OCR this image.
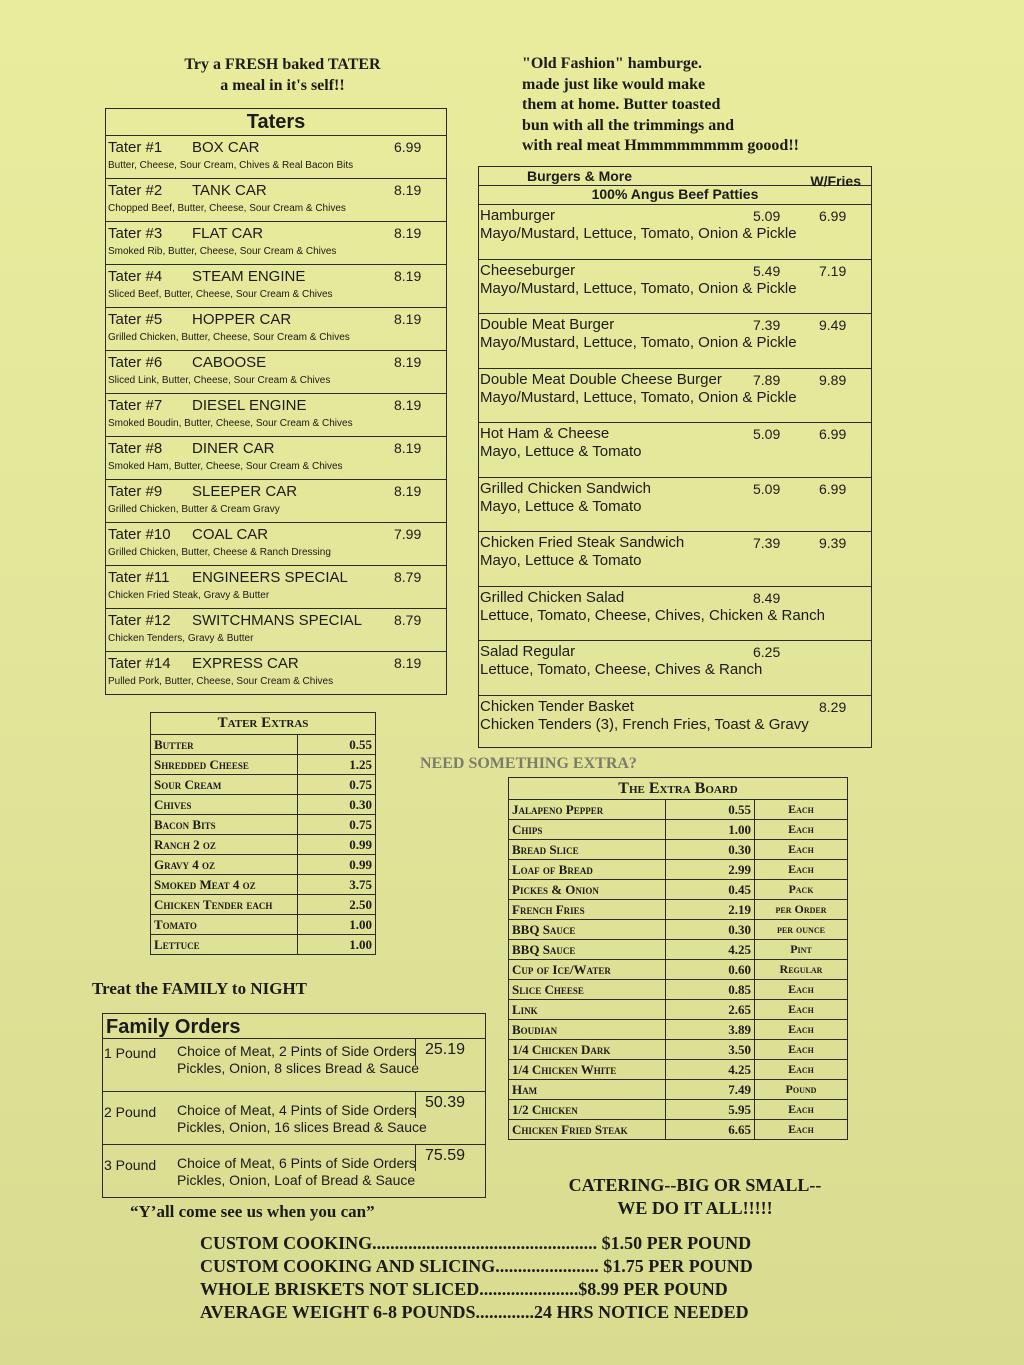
Try a FRESH baked TATER
a meal in it's self!!
"Old Fashion" hamburge.
made just like would make
them at home. Butter toasted
bun with all the trimmings and
with real meat Hmmmmmmmm goood!!
Taters
Tater #1 BOX CAR	6.99
Butter, Cheese, Sour Cream, Chives & Real Bacon Bits
Tater #2 TANK CAR	8.19
Chopped Beef, Butter, Cheese, Sour Cream & Chives
Tater #3 FLAT CAR	8.19
Smoked Rib, Butter, Cheese, Sour Cream & Chives
Tater #4 STEAM ENGINE	8.19
Sliced Beef, Butter, Cheese, Sour Cream & Chives
Tater #5 HOPPER CAR	8.19
Grilled Chicken, Butter, Cheese, Sour Cream & Chives
Tater #6 CABOOSE	8.19
Sliced Link, Butter, Cheese, Sour Cream & Chives
Tater #7 DIESEL ENGINE	8.19
Smoked Boudin, Butter, Cheese, Sour Cream & Chives
Tater #8 DINER CAR	8.19
Smoked Ham, Butter, Cheese, Sour Cream & Chives
Tater #9 SLEEPER CAR	8.19
Grilled Chicken, Butter & Cream Gravy
Tater #10 COAL CAR	7.99
Grilled Chicken, Butter, Cheese & Ranch Dressing
Tater #11 ENGINEERS SPECIAL	8.79
Chicken Fried Steak, Gravy & Butter
Tater #12 SWITCHMANS SPECIAL 8.79
Chicken Tenders, Gravy & Butter
Tater #14 EXPRESS CAR	8.19
Pulled Pork, Butter, Cheese, Sour Cream & Chives
Burgers & More	W/Fries
100% Angus Beef Patties
Hamburger	5.09	6.99
Mayo/Mustard, Lettuce, Tomato, Onion & Pickle
Cheeseburger	5.49	7.19
Mayo/Mustard, Lettuce, Tomato, Onion & Pickle
Double Meat Burger	7.39	9.49
Mayo/Mustard, Lettuce, Tomato, Onion & Pickle
Double Meat Double Cheese Burger 7.89	9.89
Mayo/Mustard, Lettuce, Tomato, Onion & Pickle
Hot Ham & Cheese	5.09	6.99
Mayo, Lettuce & Tomato
Grilled Chicken Sandwich	5.09	6.99
Mayo, Lettuce & Tomato
Chicken Fried Steak Sandwich	7.39	9.39
Mayo, Lettuce & Tomato
Grilled Chicken Salad	8.49
Lettuce, Tomato, Cheese, Chives, Chicken & Ranch
Salad Regular	6.25
Lettuce, Tomato, Cheese, Chives & Ranch
Chicken Tender Basket	8.29
Chicken Tenders (3), French Fries, Toast & Gravy
Tater Extras
Butter	0.55
Shredded Cheese	1.25
Sour Cream	0.75
Chives	0.30
Bacon Bits	0.75
Ranch 2 oz	0.99
Gravy 4 oz	0.99
Smoked Meat 4 oz	3.75
Chicken Tender each	2.50
Tomato	1.00
Lettuce	1.00
NEED SOMETHING EXTRA?
The Extra Board
Jalapeno Pepper	0.55	Each
Chips	1.00	Each
Bread Slice	0.30	Each
Loaf of Bread	2.99	Each
Pickes & Onion	0.45	Pack
French Fries	2.19	per Order
BBQ Sauce	0.30	per ounce
BBQ Sauce	4.25	Pint
Cup of Ice/Water	0.60	Regular
Slice Cheese	0.85	Each
Link	2.65	Each
Boudian	3.89	Each
1/4 Chicken Dark	3.50	Each
1/4 Chicken White	4.25	Each
Ham	7.49	Pound
1/2 Chicken	5.95	Each
Chicken Fried Steak	6.65	Each
Treat the FAMILY to NIGHT
Family Orders
1 Pound Choice of Meat, 2 Pints of Side Orders
Pickles, Onion, 8 slices Bread & Sauce
25.19
2 Pound Choice of Meat, 4 Pints of Side Orders
Pickles, Onion, 16 slices Bread & Sauce
50.39
3 Pound Choice of Meat, 6 Pints of Side Orders
Pickles, Onion, Loaf of Bread & Sauce
75.59
CATERING--BIG OR SMALL--
WE DO IT ALL!!!!!
“Y’all come see us when you can”
CUSTOM COOKING.................................................. $1.50 PER POUND
CUSTOM COOKING AND SLICING....................... $1.75 PER POUND
WHOLE BRISKETS NOT SLICED......................$8.99 PER POUND
AVERAGE WEIGHT 6-8 POUNDS.............24 HRS NOTICE NEEDED
